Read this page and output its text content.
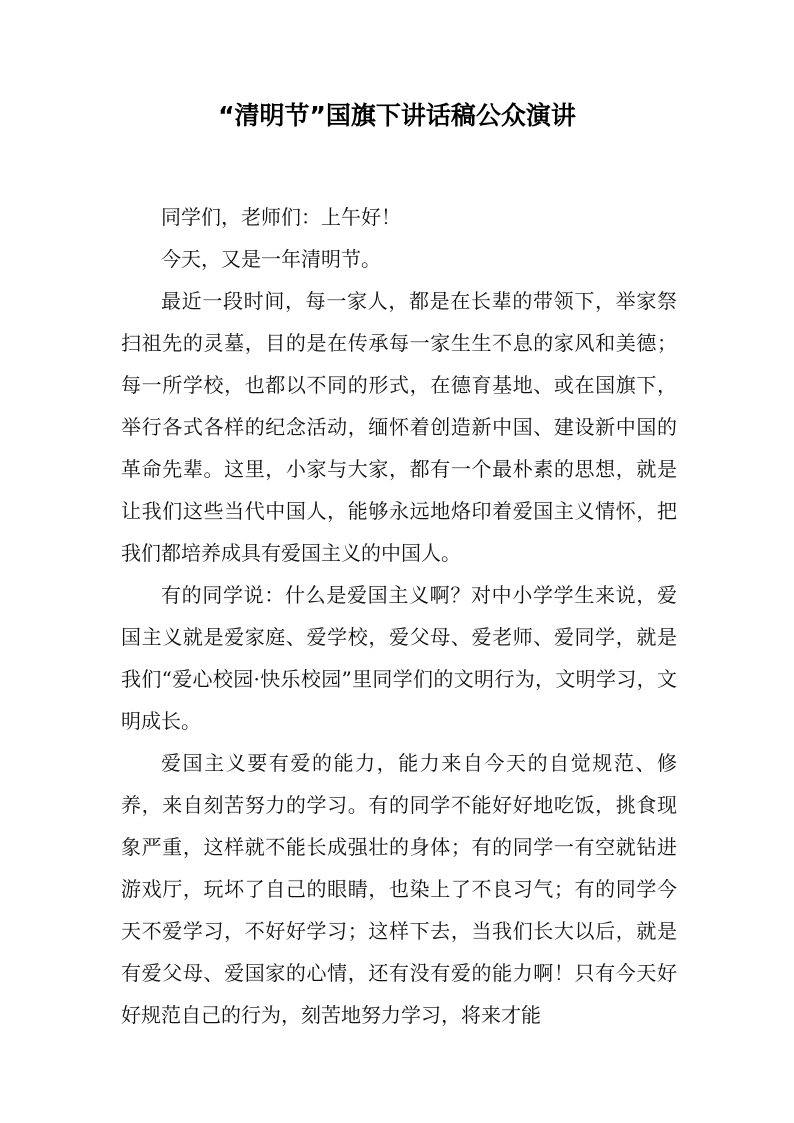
“清明节”国旗下讲话稿公众演讲

同学们，老师们：上午好！

今天，又是一年清明节。

最近一段时间，每一家人，都是在长辈的带领下，举家祭扫祖先的灵墓，目的是在传承每一家生生不息的家风和美德；每一所学校，也都以不同的形式，在德育基地、或在国旗下，举行各式各样的纪念活动，缅怀着创造新中国、建设新中国的革命先辈。这里，小家与大家，都有一个最朴素的思想，就是让我们这些当代中国人，能够永远地烙印着爱国主义情怀，把我们都培养成具有爱国主义的中国人。

有的同学说：什么是爱国主义啊？对中小学学生来说，爱国主义就是爱家庭、爱学校，爱父母、爱老师、爱同学，就是我们“爱心校园·快乐校园”里同学们的文明行为，文明学习，文明成长。

爱国主义要有爱的能力，能力来自今天的自觉规范、修养，来自刻苦努力的学习。有的同学不能好好地吃饭，挑食现象严重，这样就不能长成强壮的身体；有的同学一有空就钻进游戏厅，玩坏了自己的眼睛，也染上了不良习气；有的同学今天不爱学习，不好好学习；这样下去，当我们长大以后，就是有爱父母、爱国家的心情，还有没有爱的能力啊！只有今天好好规范自己的行为，刻苦地努力学习，将来才能
